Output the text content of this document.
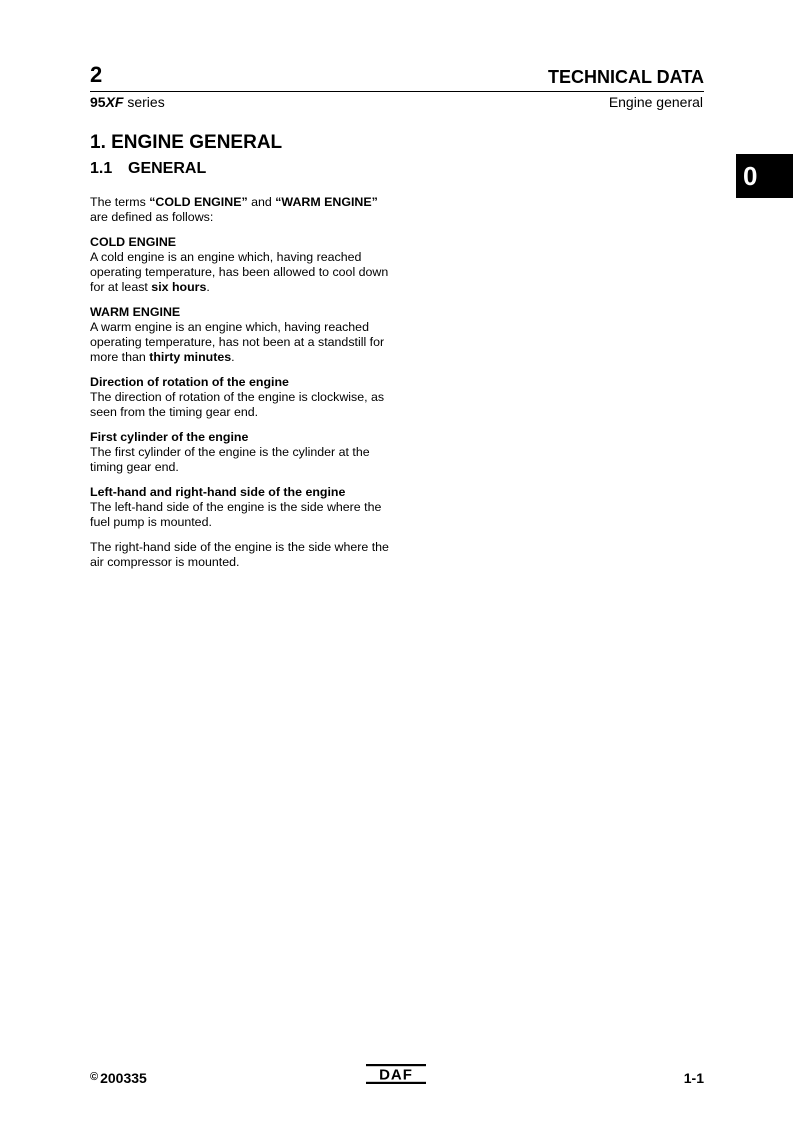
2	TECHNICAL DATA
95XF series	Engine general
0
1. ENGINE GENERAL
1.1 GENERAL

The terms “COLD ENGINE” and “WARM ENGINE” are defined as follows:

COLD ENGINE
A cold engine is an engine which, having reached operating temperature, has been allowed to cool down for at least six hours.
WARM ENGINE
A warm engine is an engine which, having reached operating temperature, has not been at a standstill for more than thirty minutes.
Direction of rotation of the engine
The direction of rotation of the engine is clockwise, as seen from the timing gear end.
First cylinder of the engine
The first cylinder of the engine is the cylinder at the timing gear end.
Left-hand and right-hand side of the engine
The left-hand side of the engine is the side where the fuel pump is mounted.

The right-hand side of the engine is the side where the air compressor is mounted.

© 200335	DAF	1-1
